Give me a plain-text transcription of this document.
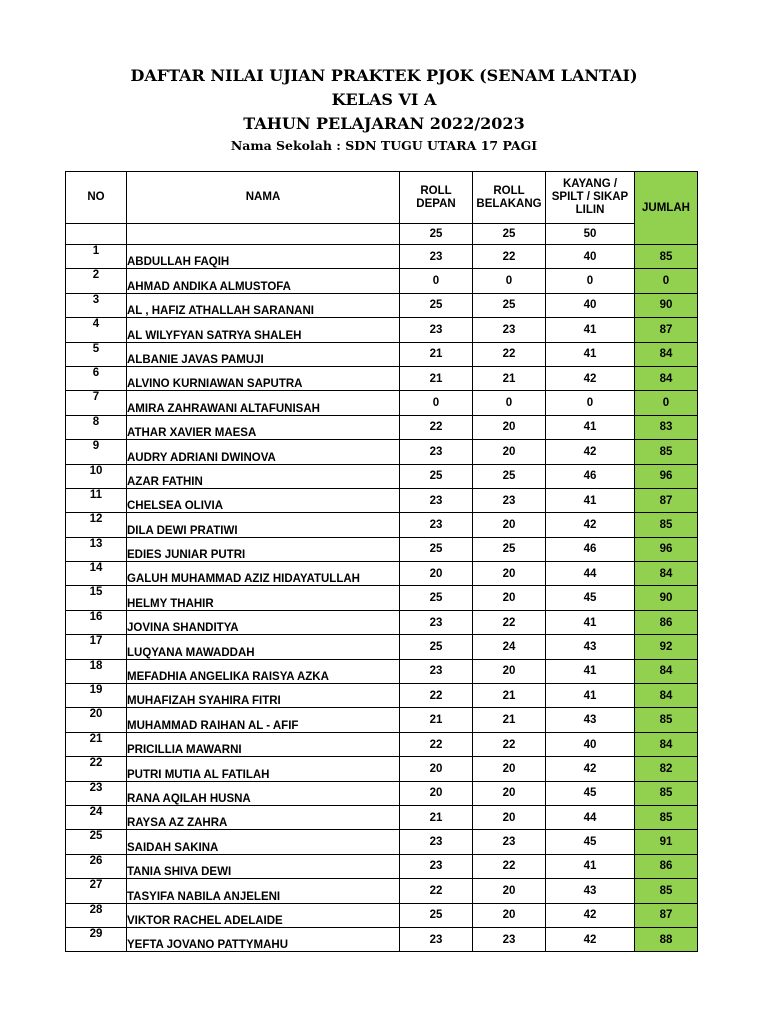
DAFTAR NILAI UJIAN PRAKTEK PJOK (SENAM LANTAI)
KELAS VI A
TAHUN PELAJARAN 2022/2023
Nama Sekolah : SDN TUGU UTARA 17 PAGI
NO	NAMA	ROLL DEPAN	ROLL BELAKANG	KAYANG / SPILT / SIKAP LILIN	JUMLAH
		25	25	50	
1	ABDULLAH FAQIH	23	22	40	85
2	AHMAD ANDIKA ALMUSTOFA	0	0	0	0
3	AL , HAFIZ ATHALLAH SARANANI	25	25	40	90
4	AL WILYFYAN SATRYA SHALEH	23	23	41	87
5	ALBANIE JAVAS PAMUJI	21	22	41	84
6	ALVINO KURNIAWAN SAPUTRA	21	21	42	84
7	AMIRA ZAHRAWANI ALTAFUNISAH	0	0	0	0
8	ATHAR XAVIER MAESA	22	20	41	83
9	AUDRY ADRIANI DWINOVA	23	20	42	85
10	AZAR FATHIN	25	25	46	96
11	CHELSEA OLIVIA	23	23	41	87
12	DILA DEWI PRATIWI	23	20	42	85
13	EDIES JUNIAR PUTRI	25	25	46	96
14	GALUH MUHAMMAD AZIZ HIDAYATULLAH	20	20	44	84
15	HELMY THAHIR	25	20	45	90
16	JOVINA SHANDITYA	23	22	41	86
17	LUQYANA MAWADDAH	25	24	43	92
18	MEFADHIA ANGELIKA RAISYA AZKA	23	20	41	84
19	MUHAFIZAH SYAHIRA FITRI	22	21	41	84
20	MUHAMMAD RAIHAN AL - AFIF	21	21	43	85
21	PRICILLIA MAWARNI	22	22	40	84
22	PUTRI MUTIA AL FATILAH	20	20	42	82
23	RANA AQILAH HUSNA	20	20	45	85
24	RAYSA AZ ZAHRA	21	20	44	85
25	SAIDAH SAKINA	23	23	45	91
26	TANIA SHIVA DEWI	23	22	41	86
27	TASYIFA NABILA ANJELENI	22	20	43	85
28	VIKTOR RACHEL ADELAIDE	25	20	42	87
29	YEFTA JOVANO PATTYMAHU	23	23	42	88
